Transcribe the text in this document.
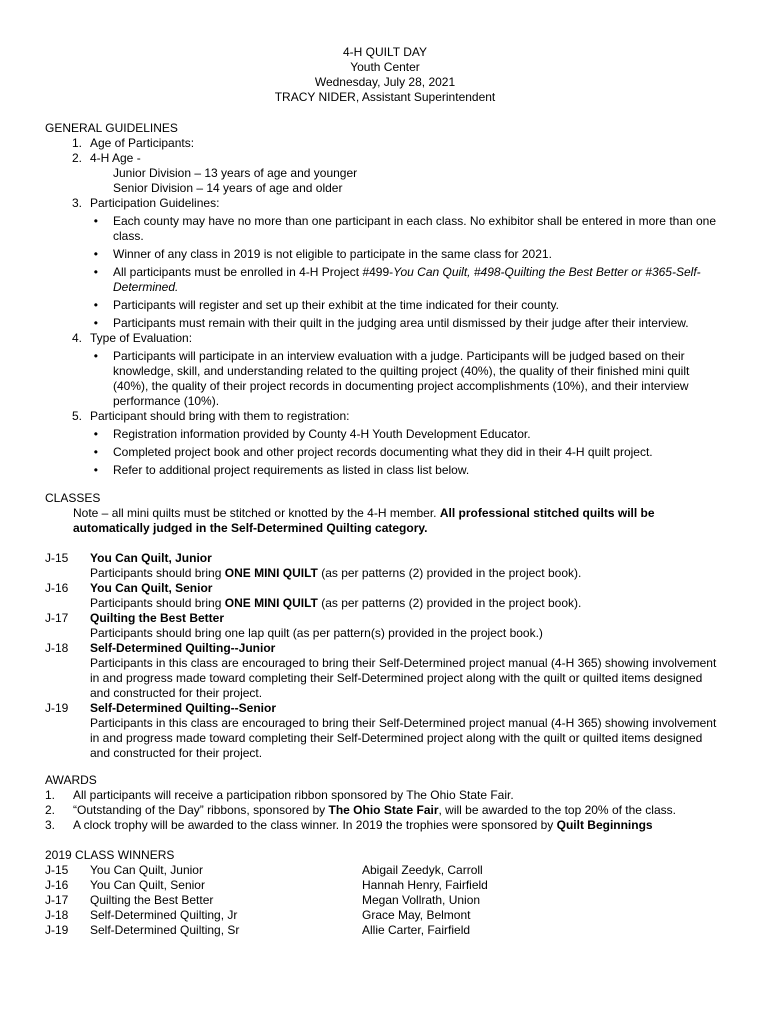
4-H QUILT DAY
Youth Center
Wednesday, July 28, 2021
TRACY NIDER, Assistant Superintendent
GENERAL GUIDELINES
1. Age of Participants:
2. 4-H Age -
Junior Division – 13 years of age and younger
Senior Division – 14 years of age and older
3. Participation Guidelines:
•	Each county may have no more than one participant in each class. No exhibitor shall be entered in more than one class.
•	Winner of any class in 2019 is not eligible to participate in the same class for 2021.
•	All participants must be enrolled in 4-H Project #499-You Can Quilt, #498-Quilting the Best Better or #365-Self-Determined.
•	Participants will register and set up their exhibit at the time indicated for their county.
•	Participants must remain with their quilt in the judging area until dismissed by their judge after their interview.
4. Type of Evaluation:
•	Participants will participate in an interview evaluation with a judge. Participants will be judged based on their knowledge, skill, and understanding related to the quilting project (40%), the quality of their finished mini quilt (40%), the quality of their project records in documenting project accomplishments (10%), and their interview performance (10%).
5. Participant should bring with them to registration:
•	Registration information provided by County 4-H Youth Development Educator.
•	Completed project book and other project records documenting what they did in their 4-H quilt project.
•	Refer to additional project requirements as listed in class list below.
CLASSES
Note – all mini quilts must be stitched or knotted by the 4-H member. All professional stitched quilts will be automatically judged in the Self-Determined Quilting category.
J-15	You Can Quilt, Junior
Participants should bring ONE MINI QUILT (as per patterns (2) provided in the project book).
J-16	You Can Quilt, Senior
Participants should bring ONE MINI QUILT (as per patterns (2) provided in the project book).
J-17	Quilting the Best Better
Participants should bring one lap quilt (as per pattern(s) provided in the project book.)
J-18	Self-Determined Quilting--Junior
Participants in this class are encouraged to bring their Self-Determined project manual (4-H 365) showing involvement in and progress made toward completing their Self-Determined project along with the quilt or quilted items designed and constructed for their project.
J-19	Self-Determined Quilting--Senior
Participants in this class are encouraged to bring their Self-Determined project manual (4-H 365) showing involvement in and progress made toward completing their Self-Determined project along with the quilt or quilted items designed and constructed for their project.
AWARDS
1.	All participants will receive a participation ribbon sponsored by The Ohio State Fair.
2.	“Outstanding of the Day” ribbons, sponsored by The Ohio State Fair, will be awarded to the top 20% of the class.
3.	A clock trophy will be awarded to the class winner. In 2019 the trophies were sponsored by Quilt Beginnings
2019 CLASS WINNERS
J-15	You Can Quilt, Junior	Abigail Zeedyk, Carroll
J-16	You Can Quilt, Senior	Hannah Henry, Fairfield
J-17	Quilting the Best Better	Megan Vollrath, Union
J-18	Self-Determined Quilting, Jr	Grace May, Belmont
J-19	Self-Determined Quilting, Sr	Allie Carter, Fairfield
